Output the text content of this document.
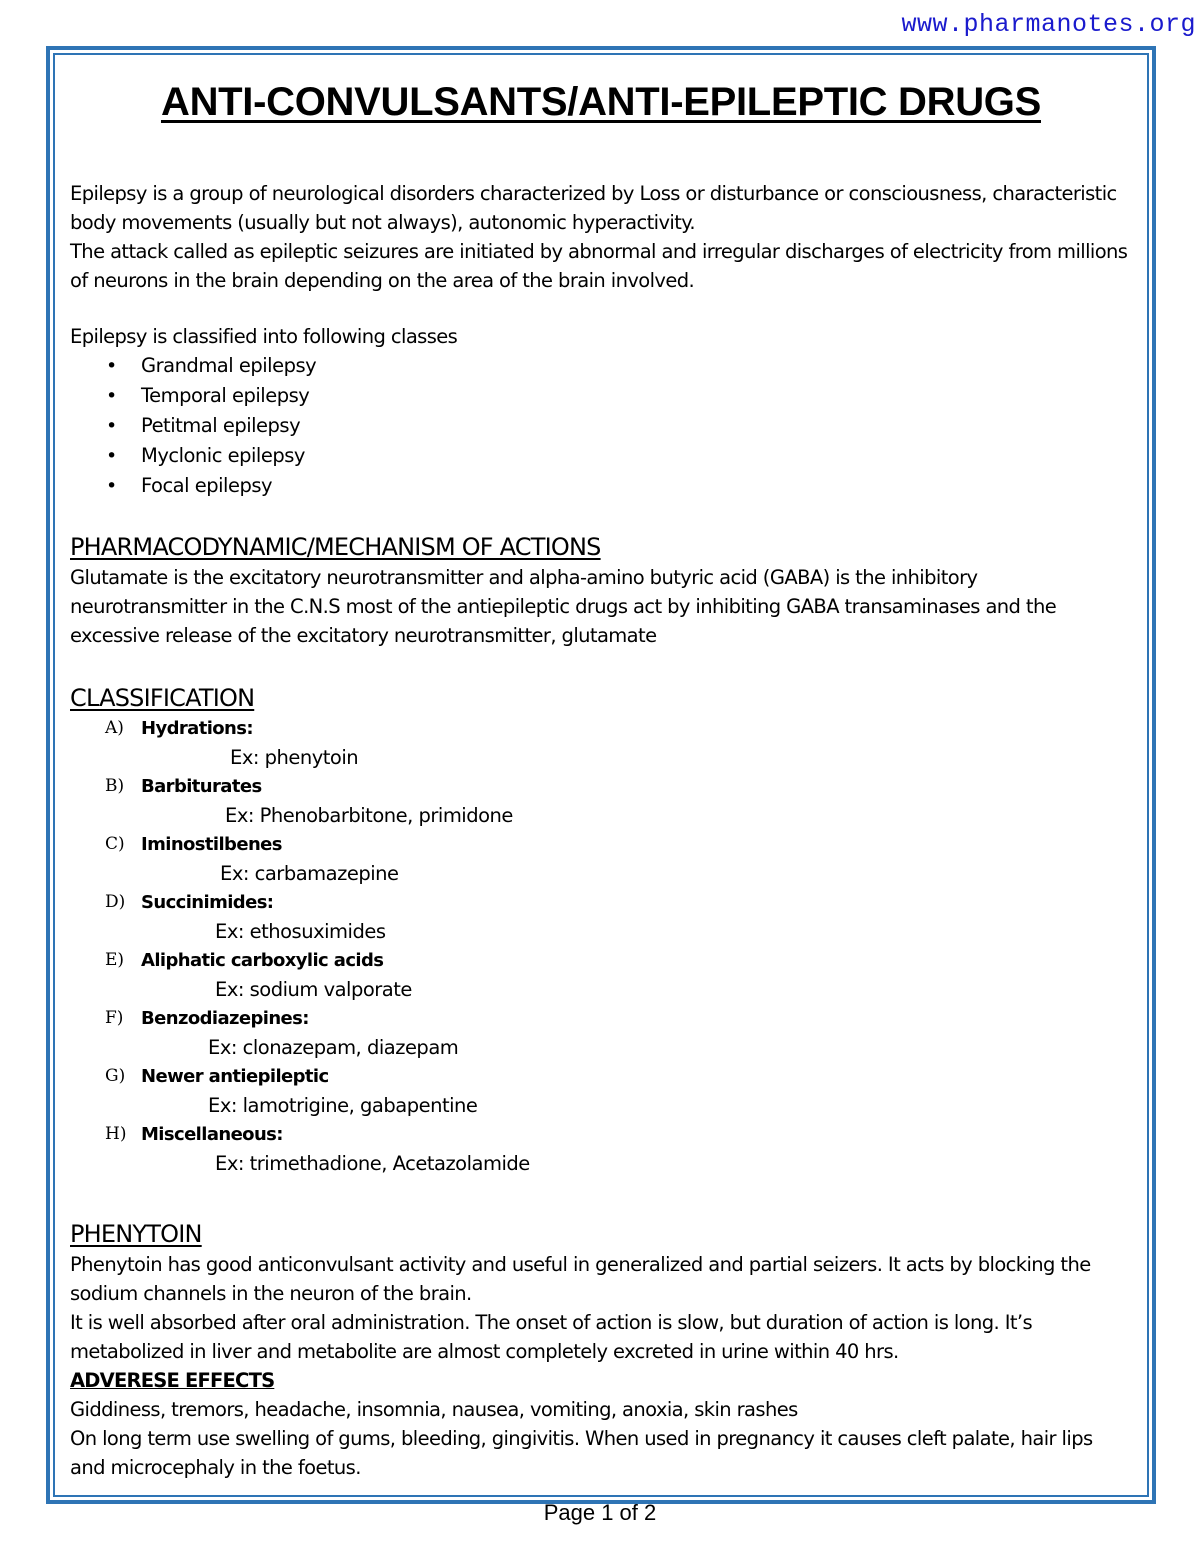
www.pharmanotes.org
ANTI-CONVULSANTS/ANTI-EPILEPTIC DRUGS

Epilepsy is a group of neurological disorders characterized by Loss or disturbance or consciousness, characteristic body movements (usually but not always), autonomic hyperactivity.

The attack called as epileptic seizures are initiated by abnormal and irregular discharges of electricity from millions of neurons in the brain depending on the area of the brain involved.

Epilepsy is classified into following classes

• Grandmal epilepsy
• Temporal epilepsy
• Petitmal epilepsy
• Myclonic epilepsy
• Focal epilepsy
PHARMACODYNAMIC/MECHANISM OF ACTIONS

Glutamate is the excitatory neurotransmitter and alpha-amino butyric acid (GABA) is the inhibitory neurotransmitter in the C.N.S most of the antiepileptic drugs act by inhibiting GABA transaminases and the excessive release of the excitatory neurotransmitter, glutamate

CLASSIFICATION
A) Hydrations:
Ex: phenytoin
B) Barbiturates
Ex: Phenobarbitone, primidone
C) Iminostilbenes
Ex: carbamazepine
D) Succinimides:
Ex: ethosuximides
E) Aliphatic carboxylic acids
Ex: sodium valporate
F) Benzodiazepines:
Ex: clonazepam, diazepam
G) Newer antiepileptic
Ex: lamotrigine, gabapentine
H) Miscellaneous:
Ex: trimethadione, Acetazolamide
PHENYTOIN

Phenytoin has good anticonvulsant activity and useful in generalized and partial seizers. It acts by blocking the sodium channels in the neuron of the brain.

It is well absorbed after oral administration. The onset of action is slow, but duration of action is long. It’s metabolized in liver and metabolite are almost completely excreted in urine within 40 hrs.

ADVERESE EFFECTS

Giddiness, tremors, headache, insomnia, nausea, vomiting, anoxia, skin rashes

On long term use swelling of gums, bleeding, gingivitis. When used in pregnancy it causes cleft palate, hair lips and microcephaly in the foetus.

Page 1 of 2
